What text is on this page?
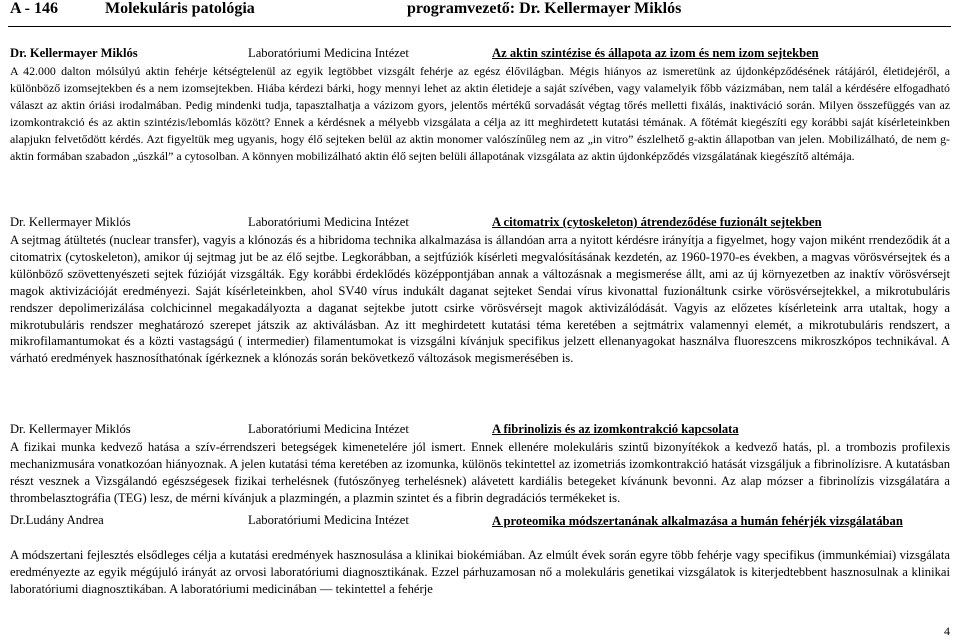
A - 146	Molekuláris patológia	programvezető: Dr. Kellermayer Miklós
Dr. Kellermayer Miklós	Laboratóriumi Medicina Intézet	Az aktin szintézise és állapota az izom és nem izom sejtekben

A 42.000 dalton mólsúlyú aktin fehérje kétségtelenül az egyik legtöbbet vizsgált fehérje az egész élővilágban. Mégis hiányos az ismeretünk az újdonképződésének rátájáról, életidejéről, a különböző izomsejtekben és a nem izomsejtekben. Hiába kérdezi bárki, hogy mennyi lehet az aktin életideje a saját szívében, vagy valamelyik főbb vázizmában, nem talál a kérdésére elfogadható választ az aktin óriási irodalmában. Pedig mindenki tudja, tapasztalhatja a vázizom gyors, jelentős mértékű sorvadását végtag tőrés melletti fixálás, inaktiváció során. Milyen összefüggés van az izomkontrakció és az aktin szintézis/lebomlás között? Ennek a kérdésnek a mélyebb vizsgálata a célja az itt meghirdetett kutatási témának. A főtémát kiegészíti egy korábbi saját kísérleteinkben alapjukn felvetődött kérdés. Azt figyeltük meg ugyanis, hogy élő sejteken belül az aktin monomer valószínűleg nem az „in vitro” észlelhető g-aktin állapotban van jelen. Mobilizálható, de nem g-aktin formában szabadon „úszkál” a cytosolban. A könnyen mobilizálható aktin élő sejten belüli állapotának vizsgálata az aktin újdonképződés vizsgálatának kiegészítő altémája.

Dr. Kellermayer Miklós	Laboratóriumi Medicina Intézet	A citomatrix (cytoskeleton) átrendeződése fuzionált sejtekben

A sejtmag átültetés (nuclear transfer), vagyis a klónozás és a hibridoma technika alkalmazása is állandóan arra a nyitott kérdésre irányítja a figyelmet, hogy vajon miként rrendeződik át a citomatrix (cytoskeleton), amikor új sejtmag jut be az élő sejtbe. Legkorábban, a sejtfúziók kísérleti megvalósításának kezdetén, az 1960-1970-es években, a magvas vörösvérsejtek és a különböző szövettenyészeti sejtek fúzióját vizsgálták. Egy korábbi érdeklődés középpontjában annak a változásnak a megismerése állt, ami az új környezetben az inaktív vörösvérsejt magok aktivizációját eredményezi. Saját kísérleteinkben, ahol SV40 vírus indukált daganat sejteket Sendai vírus kivonattal fuzionáltunk csirke vörösvérsejtekkel, a mikrotubuláris rendszer depolimerizálása colchicinnel megakadályozta a daganat sejtekbe jutott csirke vörösvérsejt magok aktivizálódását. Vagyis az előzetes kísérleteink arra utaltak, hogy a mikrotubuláris rendszer meghatározó szerepet játszik az aktiválásban. Az itt meghirdetett kutatási téma keretében a sejtmátrix valamennyi elemét, a mikrotubuláris rendszert, a mikrofilamantumokat és a közti vastagságú ( intermedier) filamentumokat is vizsgálni kívánjuk specifikus jelzett ellenanyagokat használva fluoreszcens mikroszkópos technikával. A várható eredmények hasznosíthatónak ígérkeznek a klónozás során bekövetkező változások megismerésében is.

Dr. Kellermayer Miklós	Laboratóriumi Medicina Intézet	A fibrinolizis és az izomkontrakció kapcsolata

A fizikai munka kedvező hatása a szív-érrendszeri betegségek kimenetelére jól ismert. Ennek ellenére molekuláris szintű bizonyítékok a kedvező hatás, pl. a trombozis profilexis mechanizmusára vonatkozóan hiányoznak. A jelen kutatási téma keretében az izomunka, különös tekintettel az izometriás izomkontrakció hatását vizsgáljuk a fibrinolízisre. A kutatásban részt vesznek a Vizsgálandó egészségesek fizikai terhelésnek (futószőnyeg terhelésnek) alávetett kardiális betegeket kívánunk bevonni. Az alap mózser a fibrinolízis vizsgálatára a thrombelasztográfia (TEG) lesz, de mérni kívánjuk a plazmingén, a plazmin szintet és a fibrin degradációs termékeket is.

Dr.Ludány Andrea	Laboratóriumi Medicina Intézet	A proteomika módszertanának alkalmazása a humán fehérjék vizsgálatában

A módszertani fejlesztés elsődleges célja a kutatási eredmények hasznosulása a klinikai biokémiában. Az elmúlt évek során egyre több fehérje vagy specifikus (immunkémiai) vizsgálata eredményezte az egyik mégújuló irányát az orvosi laboratóriumi diagnosztikának. Ezzel párhuzamosan nő a molekuláris genetikai vizsgálatok is kiterjedtebbent hasznosulnak a klinikai laboratóriumi diagnosztikában. A laboratóriumi medicinában — tekintettel a fehérje

4
